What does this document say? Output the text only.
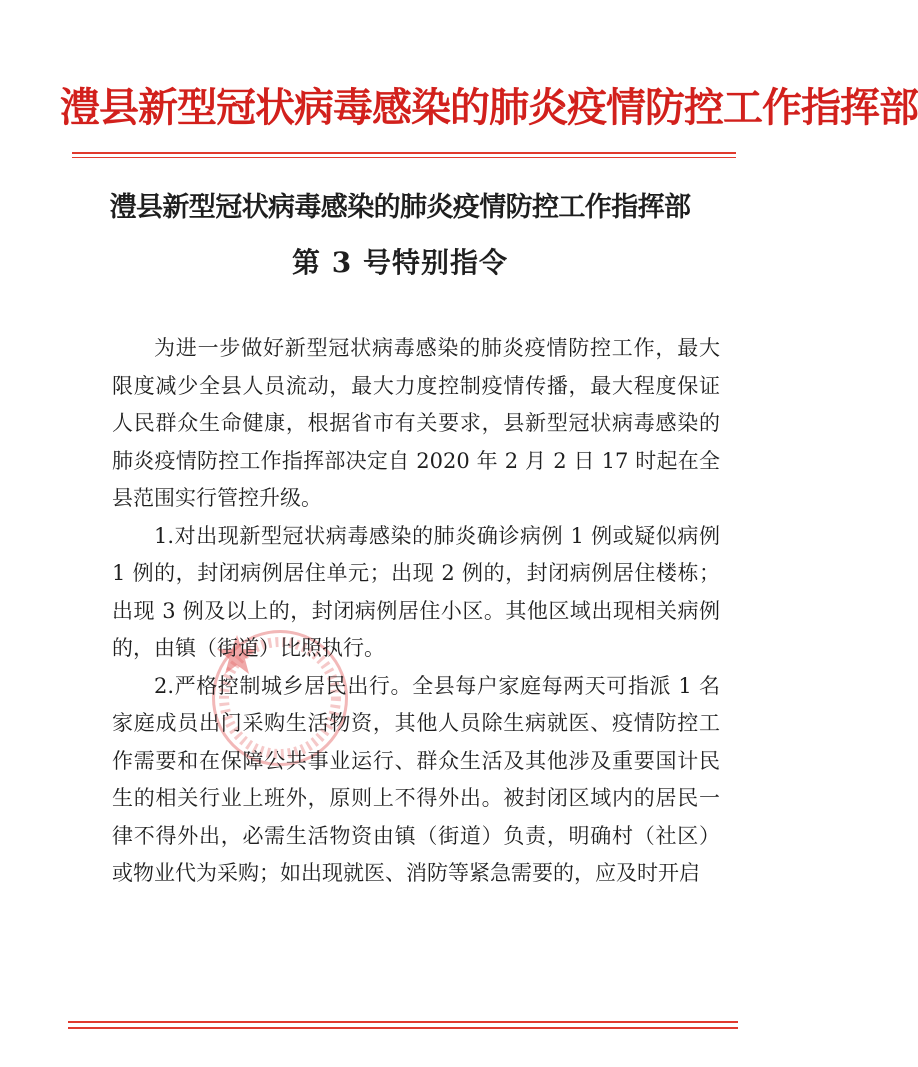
澧县新型冠状病毒感染的肺炎疫情防控工作指挥部
澧县新型冠状病毒感染的肺炎疫情防控工作指挥部
第 3 号特别指令

为进一步做好新型冠状病毒感染的肺炎疫情防控工作，最大限度减少全县人员流动，最大力度控制疫情传播，最大程度保证人民群众生命健康，根据省市有关要求，县新型冠状病毒感染的肺炎疫情防控工作指挥部决定自 2020 年 2 月 2 日 17 时起在全县范围实行管控升级。

1.对出现新型冠状病毒感染的肺炎确诊病例 1 例或疑似病例 1 例的，封闭病例居住单元；出现 2 例的，封闭病例居住楼栋；出现 3 例及以上的，封闭病例居住小区。其他区域出现相关病例的，由镇（街道）比照执行。

2.严格控制城乡居民出行。全县每户家庭每两天可指派 1 名家庭成员出门采购生活物资，其他人员除生病就医、疫情防控工作需要和在保障公共事业运行、群众生活及其他涉及重要国计民生的相关行业上班外，原则上不得外出。被封闭区域内的居民一律不得外出，必需生活物资由镇（街道）负责，明确村（社区）或物业代为采购；如出现就医、消防等紧急需要的，应及时开启
